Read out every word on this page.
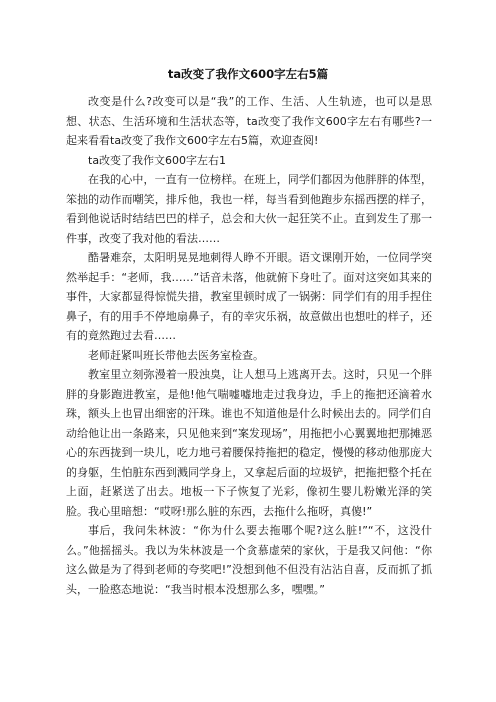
ta改变了我作文600字左右5篇

改变是什么?改变可以是“我”的工作、生活、人生轨迹，也可以是思想、状态、生活环境和生活状态等，ta改变了我作文600字左右有哪些?一起来看看ta改变了我作文600字左右5篇，欢迎查阅!

ta改变了我作文600字左右1

在我的心中，一直有一位榜样。在班上，同学们都因为他胖胖的体型，笨拙的动作而嘲笑，排斥他，我也一样，每当看到他跑步东摇西摆的样子，看到他说话时结结巴巴的样子，总会和大伙一起狂笑不止。直到发生了那一件事，改变了我对他的看法……

酷暑难奈，太阳明晃晃地刺得人睁不开眼。语文课刚开始，一位同学突然举起手：“老师，我……”话音未落，他就俯下身吐了。面对这突如其来的事件，大家都显得惊慌失措，教室里顿时成了一锅粥：同学们有的用手捏住鼻子，有的用手不停地扇鼻子，有的幸灾乐祸，故意做出也想吐的样子，还有的竟然跑过去看……

老师赶紧叫班长带他去医务室检查。

教室里立刻弥漫着一股浊臭，让人想马上逃离开去。这时，只见一个胖胖的身影跑进教室，是他!他气喘嘘嘘地走过我身边，手上的拖把还滴着水珠，额头上也冒出细密的汗珠。谁也不知道他是什么时候出去的。同学们自动给他让出一条路来，只见他来到“案发现场”，用拖把小心翼翼地把那摊恶心的东西拢到一块儿，吃力地弓着腰保持拖把的稳定，慢慢的移动他那庞大的身躯，生怕脏东西到溅同学身上，又拿起后面的垃圾铲，把拖把整个托在上面，赶紧送了出去。地板一下子恢复了光彩，像初生婴儿粉嫩光泽的笑脸。我心里暗想：“哎呀!那么脏的东西，去拖什么拖呀，真傻!”

事后，我问朱林波：“你为什么要去拖哪个呢?这么脏!”“不，这没什么。”他摇摇头。我以为朱林波是一个贪慕虚荣的家伙，于是我又问他：“你这么做是为了得到老师的夸奖吧!”没想到他不但没有沾沾自喜，反而抓了抓头，一脸憨态地说：“我当时根本没想那么多，嘿嘿。”
